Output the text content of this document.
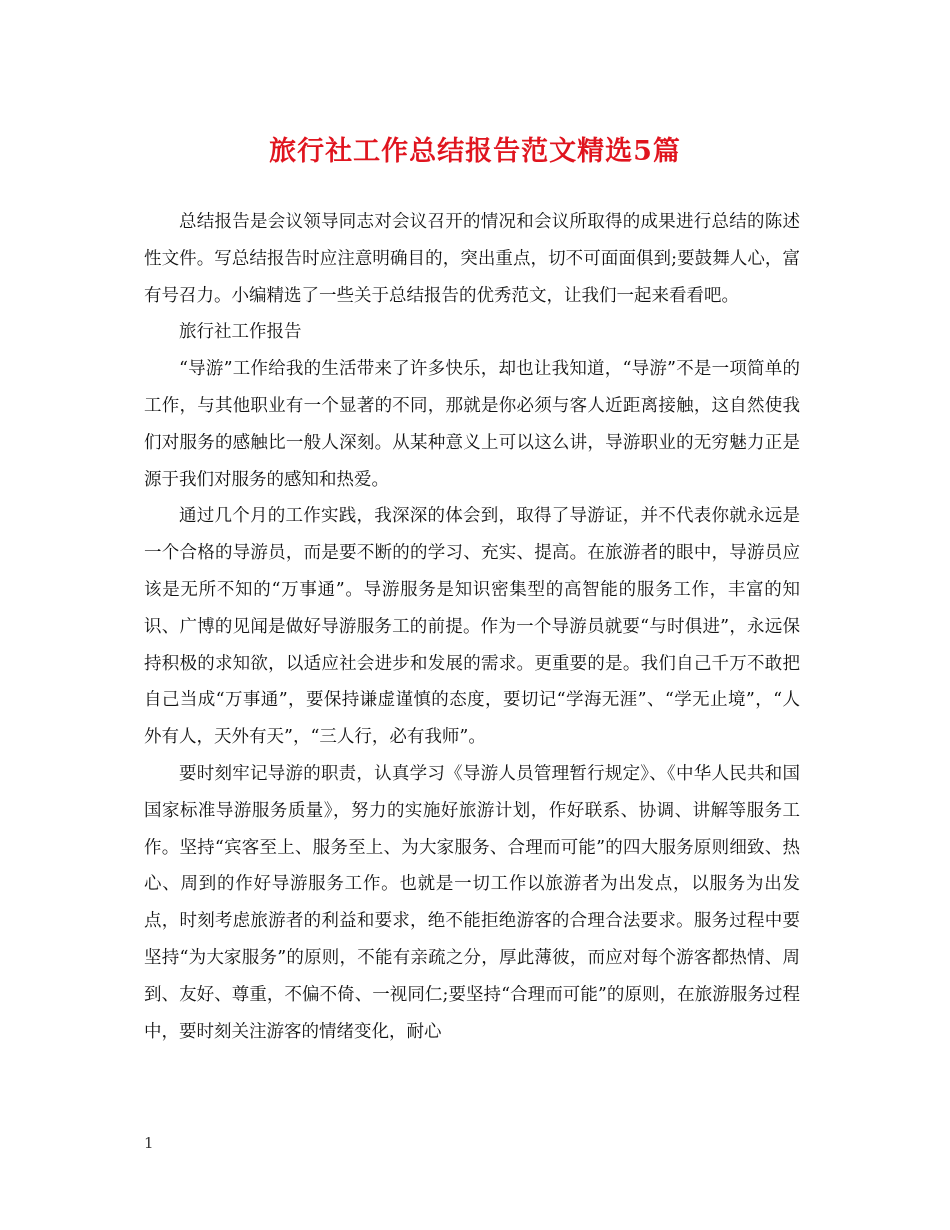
旅行社工作总结报告范文精选5篇

总结报告是会议领导同志对会议召开的情况和会议所取得的成果进行总结的陈述性文件。写总结报告时应注意明确目的，突出重点，切不可面面俱到;要鼓舞人心，富有号召力。小编精选了一些关于总结报告的优秀范文，让我们一起来看看吧。

旅行社工作报告

“导游”工作给我的生活带来了许多快乐，却也让我知道，“导游”不是一项简单的工作，与其他职业有一个显著的不同，那就是你必须与客人近距离接触，这自然使我们对服务的感触比一般人深刻。从某种意义上可以这么讲，导游职业的无穷魅力正是源于我们对服务的感知和热爱。

通过几个月的工作实践，我深深的体会到，取得了导游证，并不代表你就永远是一个合格的导游员，而是要不断的的学习、充实、提高。在旅游者的眼中，导游员应该是无所不知的“万事通”。导游服务是知识密集型的高智能的服务工作，丰富的知识、广博的见闻是做好导游服务工的前提。作为一个导游员就要“与时俱进”，永远保持积极的求知欲，以适应社会进步和发展的需求。更重要的是。我们自己千万不敢把自己当成“万事通”，要保持谦虚谨慎的态度，要切记“学海无涯”、“学无止境”，“人外有人，天外有天”，“三人行，必有我师”。

要时刻牢记导游的职责，认真学习《导游人员管理暂行规定》、《中华人民共和国国家标准导游服务质量》，努力的实施好旅游计划，作好联系、协调、讲解等服务工作。坚持“宾客至上、服务至上、为大家服务、合理而可能”的四大服务原则细致、热心、周到的作好导游服务工作。也就是一切工作以旅游者为出发点，以服务为出发点，时刻考虑旅游者的利益和要求，绝不能拒绝游客的合理合法要求。服务过程中要坚持“为大家服务”的原则，不能有亲疏之分，厚此薄彼，而应对每个游客都热情、周到、友好、尊重，不偏不倚、一视同仁;要坚持“合理而可能”的原则，在旅游服务过程中，要时刻关注游客的情绪变化，耐心

1
